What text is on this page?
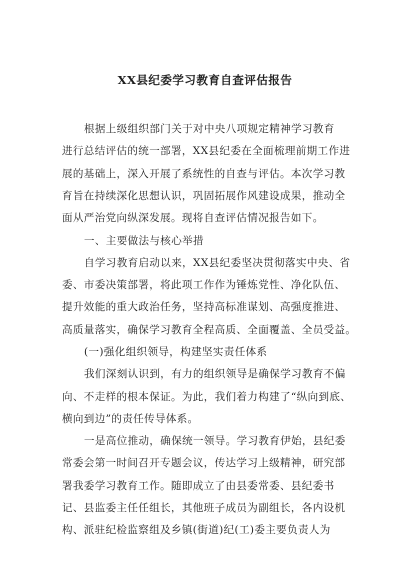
XX县纪委学习教育自查评估报告
根据上级组织部门关于对中央八项规定精神学习教育
进行总结评估的统一部署，XX县纪委在全面梳理前期工作进
展的基础上，深入开展了系统性的自查与评估。本次学习教
育旨在持续深化思想认识，巩固拓展作风建设成果，推动全
面从严治党向纵深发展。现将自查评估情况报告如下。
一、主要做法与核心举措
自学习教育启动以来，XX县纪委坚决贯彻落实中央、省
委、市委决策部署，将此项工作作为锤炼党性、净化队伍、
提升效能的重大政治任务，坚持高标准谋划、高强度推进、
高质量落实，确保学习教育全程高质、全面覆盖、全员受益。
(一)强化组织领导，构建坚实责任体系
我们深刻认识到，有力的组织领导是确保学习教育不偏
向、不走样的根本保证。为此，我们着力构建了“纵向到底、
横向到边”的责任传导体系。
一是高位推动，确保统一领导。学习教育伊始，县纪委
常委会第一时间召开专题会议，传达学习上级精神，研究部
署我委学习教育工作。随即成立了由县委常委、县纪委书
记、县监委主任任组长，其他班子成员为副组长，各内设机
构、派驻纪检监察组及乡镇(街道)纪(工)委主要负责人为
